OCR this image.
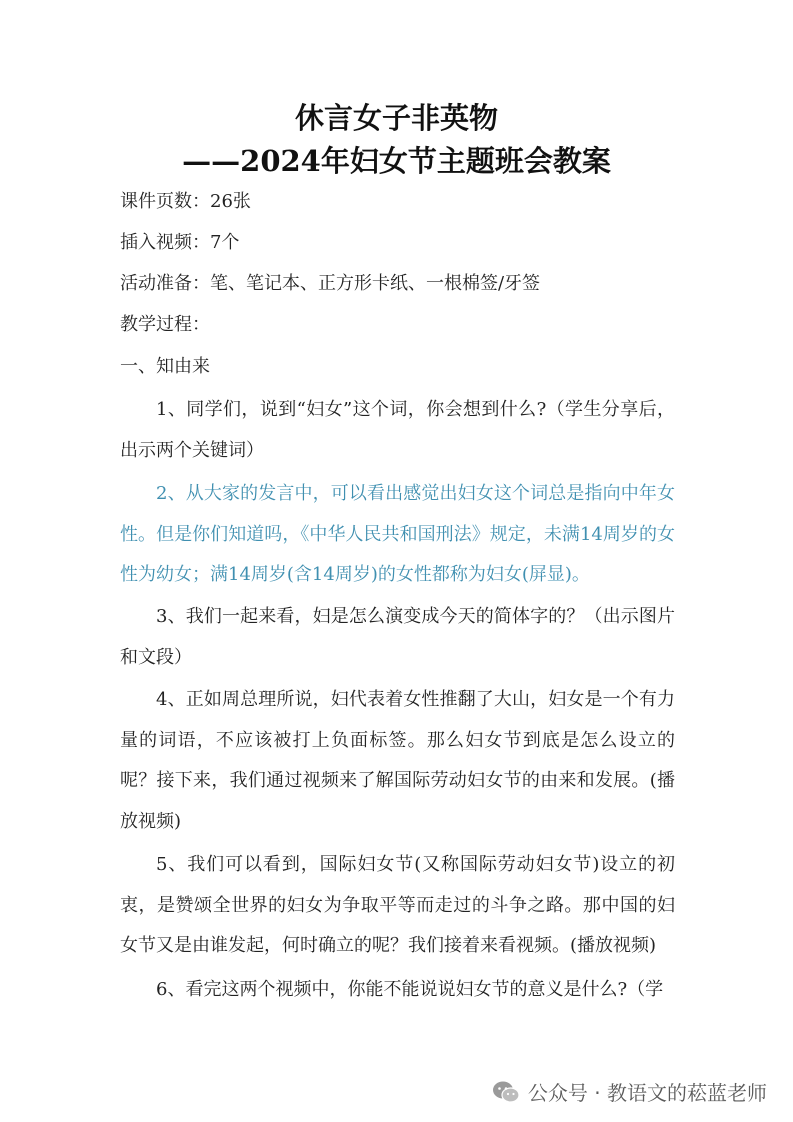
休言女子非英物
——2024年妇女节主题班会教案
课件页数：26张
插入视频：7个
活动准备：笔、笔记本、正方形卡纸、一根棉签/牙签
教学过程：
一、知由来

1、同学们，说到“妇女”这个词，你会想到什么?（学生分享后，出示两个关键词）

2、从大家的发言中，可以看出感觉出妇女这个词总是指向中年女性。但是你们知道吗，《中华人民共和国刑法》规定，未满14周岁的女性为幼女；满14周岁(含14周岁)的女性都称为妇女(屏显)。

3、我们一起来看，妇是怎么演变成今天的简体字的？（出示图片和文段）

4、正如周总理所说，妇代表着女性推翻了大山，妇女是一个有力量的词语，不应该被打上负面标签。那么妇女节到底是怎么设立的呢？接下来，我们通过视频来了解国际劳动妇女节的由来和发展。(播放视频)

5、我们可以看到，国际妇女节(又称国际劳动妇女节)设立的初衷，是赞颂全世界的妇女为争取平等而走过的斗争之路。那中国的妇女节又是由谁发起，何时确立的呢？我们接着来看视频。(播放视频)

6、看完这两个视频中，你能不能说说妇女节的意义是什么?（学

公众号 · 教语文的菘蓝老师
